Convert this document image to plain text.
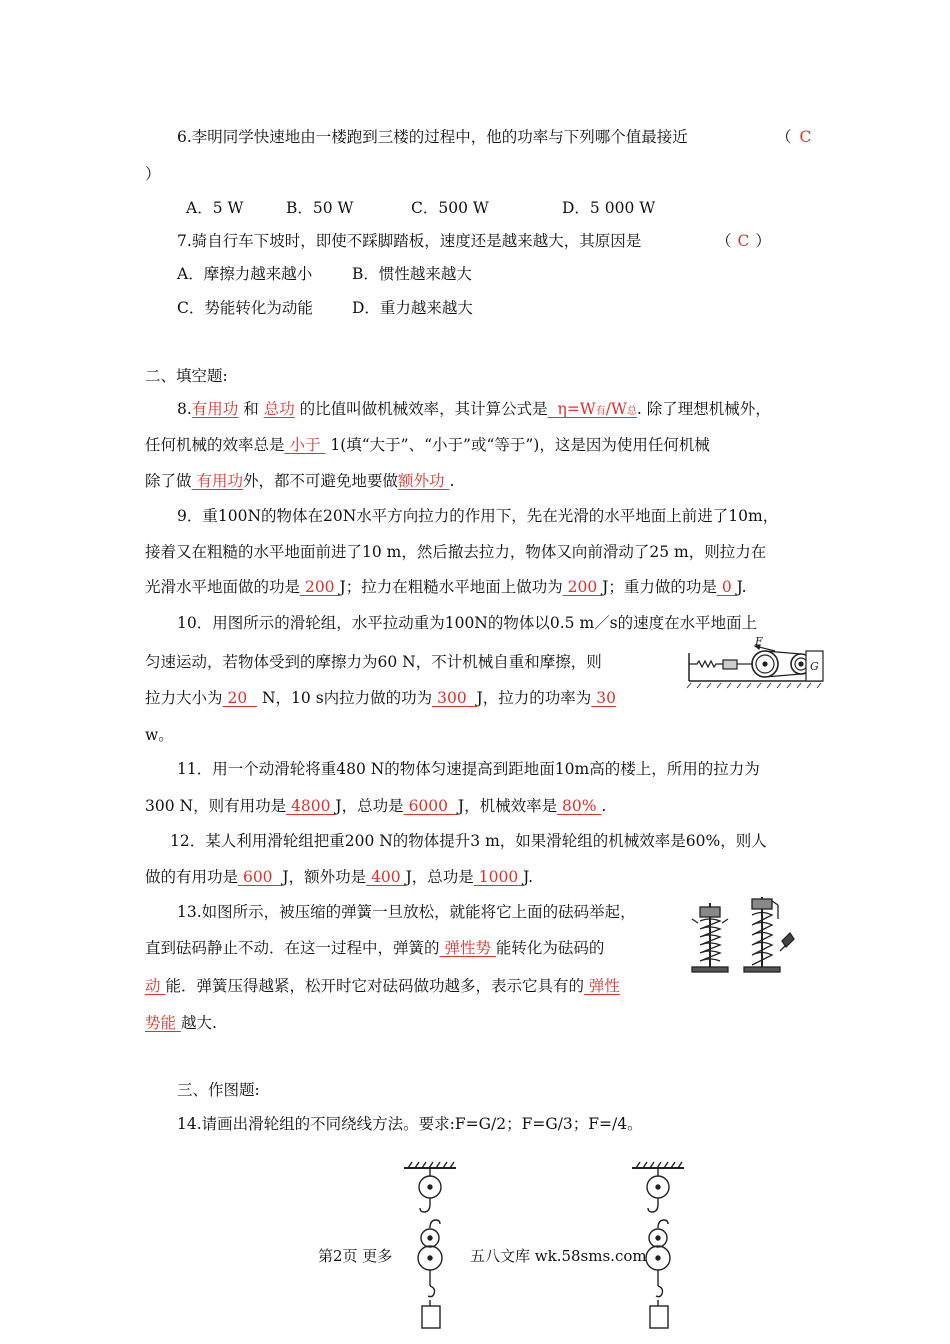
6.李明同学快速地由一楼跑到三楼的过程中，他的功率与下列哪个值最接近	（ C
）
A．5 W	B．50 W	C．500 W	D．5 000 W
7.骑自行车下坡时，即使不踩脚踏板，速度还是越来越大，其原因是	（ C ）
A．摩擦力越来越小	B．惯性越来越大
C．势能转化为动能	D．重力越来越大
二、填空题:
8.有用功 和 总功 的比值叫做机械效率，其计算公式是 η=W有/W总. 除了理想机械外，
任何机械的效率总是 小于 1(填“大于”、“小于”或“等于”)，这是因为使用任何机械
除了做 有用功外，都不可避免地要做额外功 .
9．重100N的物体在20N水平方向拉力的作用下，先在光滑的水平地面上前进了10m，
接着又在粗糙的水平地面前进了10 m，然后撤去拉力，物体又向前滑动了25 m，则拉力在
光滑水平地面做的功是 200 J；拉力在粗糙水平地面上做功为 200 J；重力做的功是 0 J.
10．用图所示的滑轮组，水平拉动重为100N的物体以0.5 m／s的速度在水平地面上
匀速运动，若物体受到的摩擦力为60 N，不计机械自重和摩擦，则
拉力大小为 20 N，10 s内拉力做的功为 300 J，拉力的功率为 30
w。
F
G
11．用一个动滑轮将重480 N的物体匀速提高到距地面10m高的楼上，所用的拉力为
300 N，则有用功是 4800 J，总功是 6000 J，机械效率是 80% .
12．某人利用滑轮组把重200 N的物体提升3 m，如果滑轮组的机械效率是60%，则人
做的有用功是 600 J，额外功是 400 J，总功是 1000 J.
13.如图所示，被压缩的弹簧一旦放松，就能将它上面的砝码举起，
直到砝码静止不动．在这一过程中，弹簧的 弹性势 能转化为砝码的
动 能．弹簧压得越紧，松开时它对砝码做功越多，表示它具有的 弹性
势能 越大.
三、作图题:
14.请画出滑轮组的不同绕线方法。要求:F=G/2；F=G/3；F=/4。
第2页 更多	五八文库 wk.58sms.com
